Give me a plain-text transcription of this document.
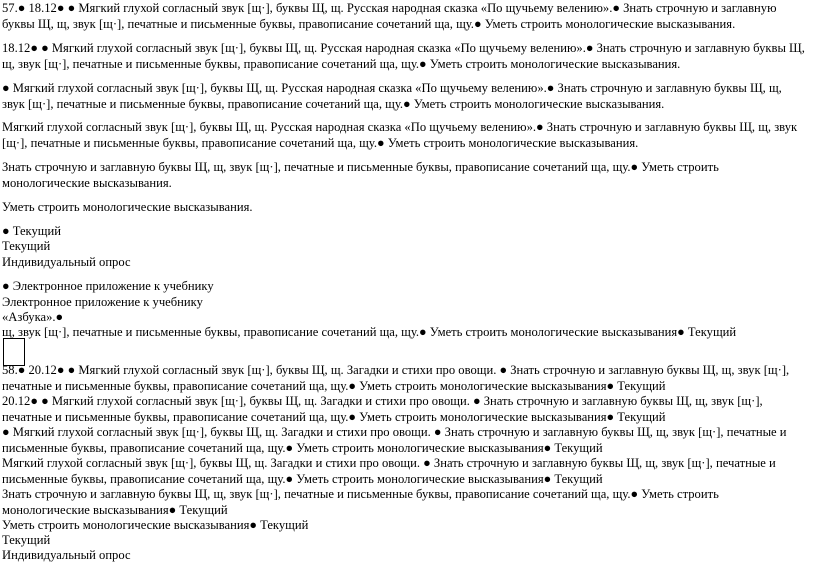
57.● 18.12● ● Мягкий глухой согласный звук [щ·], буквы Щ, щ. Русская народная сказка «По щучьему велению».● Знать строчную и заглавную
буквы Щ, щ, звук [щ·], печатные и письменные буквы, правописание сочетаний ща, щу.● Уметь строить монологические высказывания.
18.12● ● Мягкий глухой согласный звук [щ·], буквы Щ, щ. Русская народная сказка «По щучьему велению».● Знать строчную и заглавную буквы Щ,
щ, звук [щ·], печатные и письменные буквы, правописание сочетаний ща, щу.● Уметь строить монологические высказывания.
● Мягкий глухой согласный звук [щ·], буквы Щ, щ. Русская народная сказка «По щучьему велению».● Знать строчную и заглавную буквы Щ, щ,
звук [щ·], печатные и письменные буквы, правописание сочетаний ща, щу.● Уметь строить монологические высказывания.
Мягкий глухой согласный звук [щ·], буквы Щ, щ. Русская народная сказка «По щучьему велению».● Знать строчную и заглавную буквы Щ, щ, звук
[щ·], печатные и письменные буквы, правописание сочетаний ща, щу.● Уметь строить монологические высказывания.
Знать строчную и заглавную буквы Щ, щ, звук [щ·], печатные и письменные буквы, правописание сочетаний ща, щу.● Уметь строить
монологические высказывания.
Уметь строить монологические высказывания.
● Текущий
Текущий
Индивидуальный опрос
● Электронное приложение к учебнику
Электронное приложение к учебнику
«Азбука».●
щ, звук [щ·], печатные и письменные буквы, правописание сочетаний ща, щу.● Уметь строить монологические высказывания● Текущий
58.● 20.12● ● Мягкий глухой согласный звук [щ·], буквы Щ, щ. Загадки и стихи про овощи. ● Знать строчную и заглавную буквы Щ, щ, звук [щ·],
печатные и письменные буквы, правописание сочетаний ща, щу.● Уметь строить монологические высказывания● Текущий
20.12● ● Мягкий глухой согласный звук [щ·], буквы Щ, щ. Загадки и стихи про овощи. ● Знать строчную и заглавную буквы Щ, щ, звук [щ·],
печатные и письменные буквы, правописание сочетаний ща, щу.● Уметь строить монологические высказывания● Текущий
● Мягкий глухой согласный звук [щ·], буквы Щ, щ. Загадки и стихи про овощи. ● Знать строчную и заглавную буквы Щ, щ, звук [щ·], печатные и
письменные буквы, правописание сочетаний ща, щу.● Уметь строить монологические высказывания● Текущий
Мягкий глухой согласный звук [щ·], буквы Щ, щ. Загадки и стихи про овощи. ● Знать строчную и заглавную буквы Щ, щ, звук [щ·], печатные и
письменные буквы, правописание сочетаний ща, щу.● Уметь строить монологические высказывания● Текущий
Знать строчную и заглавную буквы Щ, щ, звук [щ·], печатные и письменные буквы, правописание сочетаний ща, щу.● Уметь строить
монологические высказывания● Текущий
Уметь строить монологические высказывания● Текущий
Текущий
Индивидуальный опрос
